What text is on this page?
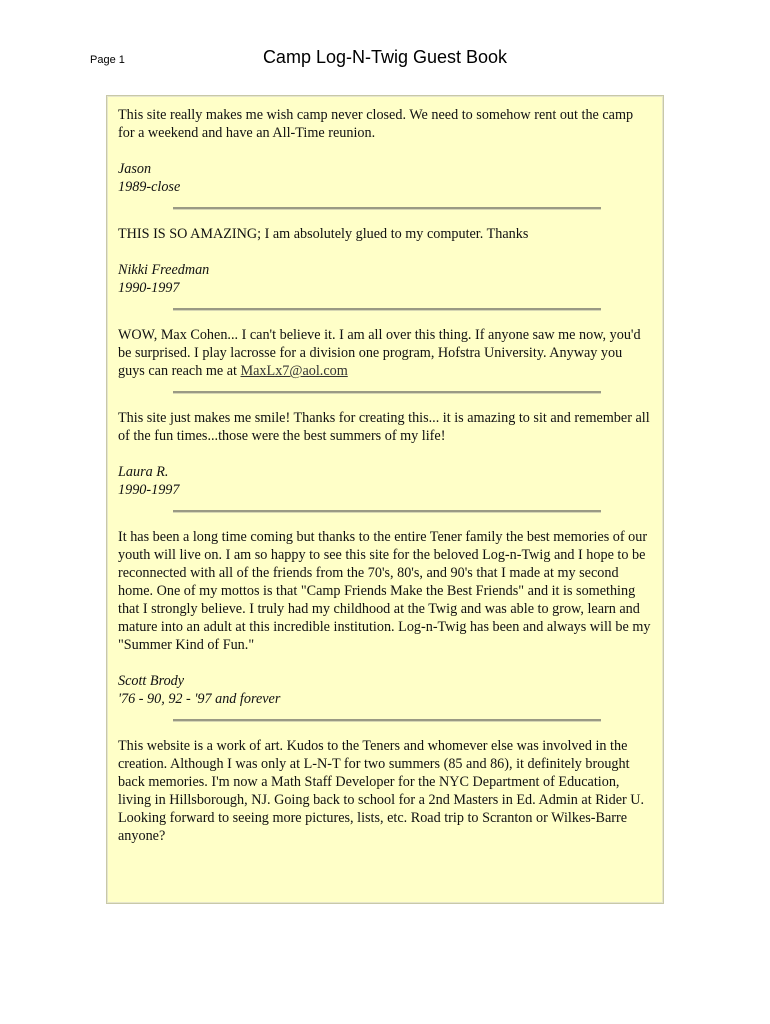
Page 1	Camp Log-N-Twig Guest Book

This site really makes me wish camp never closed. We need to somehow rent out the camp for a weekend and have an All-Time reunion.

Jason

1989-close

THIS IS SO AMAZING; I am absolutely glued to my computer. Thanks

Nikki Freedman

1990-1997

WOW, Max Cohen... I can't believe it. I am all over this thing. If anyone saw me now, you'd be surprised. I play lacrosse for a division one program, Hofstra University. Anyway you guys can reach me at MaxLx7@aol.com

This site just makes me smile! Thanks for creating this... it is amazing to sit and remember all of the fun times...those were the best summers of my life!

Laura R.

1990-1997

It has been a long time coming but thanks to the entire Tener family the best memories of our youth will live on. I am so happy to see this site for the beloved Log-n-Twig and I hope to be reconnected with all of the friends from the 70's, 80's, and 90's that I made at my second home. One of my mottos is that "Camp Friends Make the Best Friends" and it is something that I strongly believe. I truly had my childhood at the Twig and was able to grow, learn and mature into an adult at this incredible institution. Log-n-Twig has been and always will be my "Summer Kind of Fun."

Scott Brody

'76 - 90, 92 - '97 and forever

This website is a work of art. Kudos to the Teners and whomever else was involved in the creation. Although I was only at L-N-T for two summers (85 and 86), it definitely brought back memories. I'm now a Math Staff Developer for the NYC Department of Education, living in Hillsborough, NJ. Going back to school for a 2nd Masters in Ed. Admin at Rider U. Looking forward to seeing more pictures, lists, etc. Road trip to Scranton or Wilkes-Barre anyone?
